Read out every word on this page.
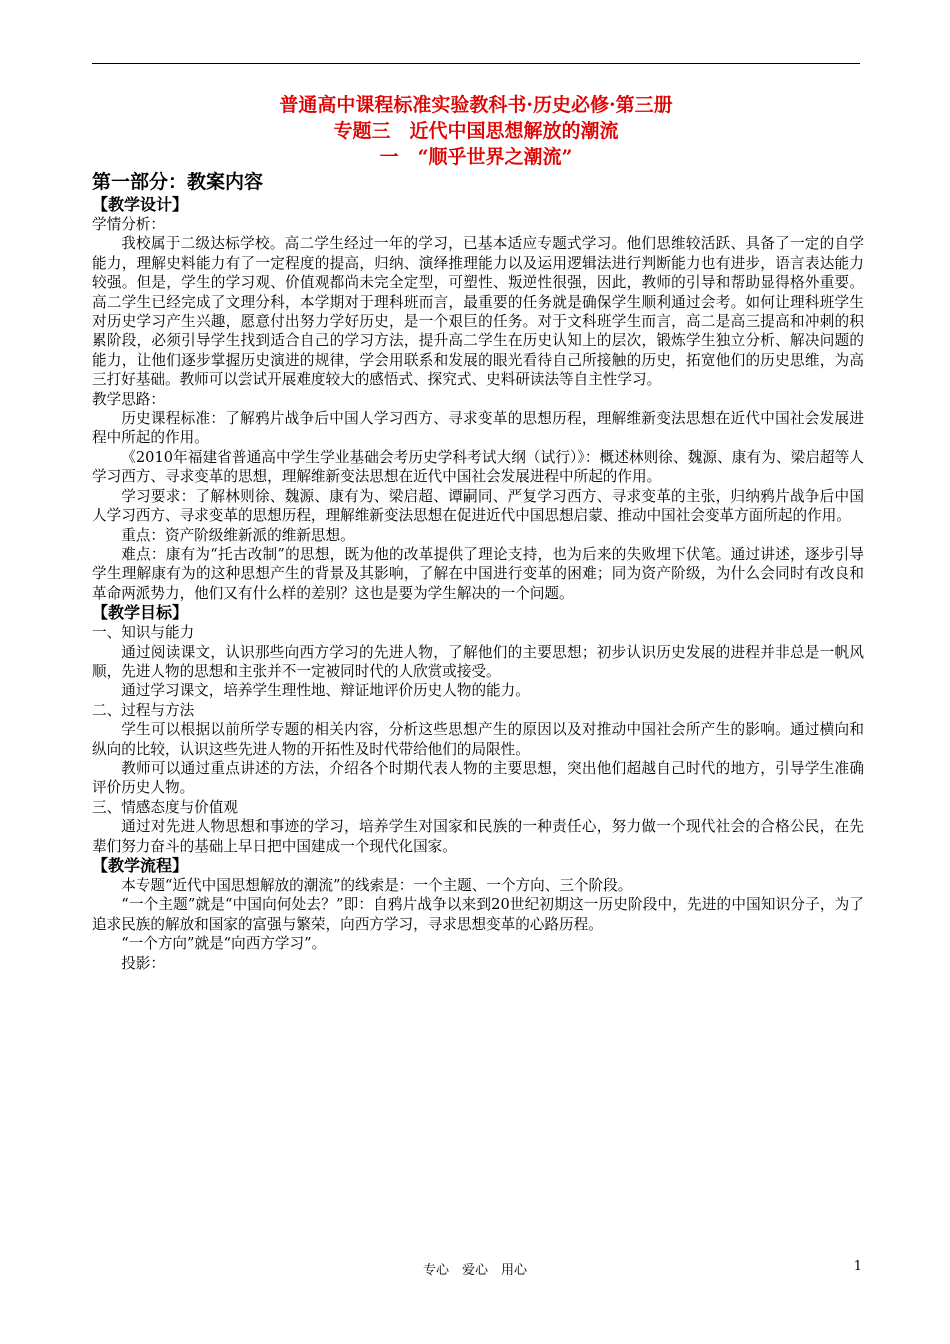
普通高中课程标准实验教科书·历史必修·第三册
专题三　近代中国思想解放的潮流
一　“顺乎世界之潮流”
第一部分：教案内容
【教学设计】
学情分析：
我校属于二级达标学校。高二学生经过一年的学习，已基本适应专题式学习。他们思维较活跃、具备了一定的自学能力，理解史料能力有了一定程度的提高，归纳、演绎推理能力以及运用逻辑法进行判断能力也有进步，语言表达能力较强。但是，学生的学习观、价值观都尚未完全定型，可塑性、叛逆性很强，因此，教师的引导和帮助显得格外重要。高二学生已经完成了文理分科，本学期对于理科班而言，最重要的任务就是确保学生顺利通过会考。如何让理科班学生对历史学习产生兴趣，愿意付出努力学好历史，是一个艰巨的任务。对于文科班学生而言，高二是高三提高和冲刺的积累阶段，必须引导学生找到适合自己的学习方法，提升高二学生在历史认知上的层次，锻炼学生独立分析、解决问题的能力，让他们逐步掌握历史演进的规律，学会用联系和发展的眼光看待自己所接触的历史，拓宽他们的历史思维，为高三打好基础。教师可以尝试开展难度较大的感悟式、探究式、史料研读法等自主性学习。
教学思路：
历史课程标准：了解鸦片战争后中国人学习西方、寻求变革的思想历程，理解维新变法思想在近代中国社会发展进程中所起的作用。
《2010年福建省普通高中学生学业基础会考历史学科考试大纲（试行）》：概述林则徐、魏源、康有为、梁启超等人学习西方、寻求变革的思想，理解维新变法思想在近代中国社会发展进程中所起的作用。
学习要求：了解林则徐、魏源、康有为、梁启超、谭嗣同、严复学习西方、寻求变革的主张，归纳鸦片战争后中国人学习西方、寻求变革的思想历程，理解维新变法思想在促进近代中国思想启蒙、推动中国社会变革方面所起的作用。
重点：资产阶级维新派的维新思想。
难点：康有为“托古改制”的思想，既为他的改革提供了理论支持，也为后来的失败埋下伏笔。通过讲述，逐步引导学生理解康有为的这种思想产生的背景及其影响，了解在中国进行变革的困难；同为资产阶级，为什么会同时有改良和革命两派势力，他们又有什么样的差别？这也是要为学生解决的一个问题。
【教学目标】
一、知识与能力
通过阅读课文，认识那些向西方学习的先进人物，了解他们的主要思想；初步认识历史发展的进程并非总是一帆风顺，先进人物的思想和主张并不一定被同时代的人欣赏或接受。
通过学习课文，培养学生理性地、辩证地评价历史人物的能力。
二、过程与方法
学生可以根据以前所学专题的相关内容，分析这些思想产生的原因以及对推动中国社会所产生的影响。通过横向和纵向的比较，认识这些先进人物的开拓性及时代带给他们的局限性。
教师可以通过重点讲述的方法，介绍各个时期代表人物的主要思想，突出他们超越自己时代的地方，引导学生准确评价历史人物。
三、情感态度与价值观
通过对先进人物思想和事迹的学习，培养学生对国家和民族的一种责任心，努力做一个现代社会的合格公民，在先辈们努力奋斗的基础上早日把中国建成一个现代化国家。
【教学流程】
本专题“近代中国思想解放的潮流”的线索是：一个主题、一个方向、三个阶段。
“一个主题”就是“中国向何处去？”即：自鸦片战争以来到20世纪初期这一历史阶段中，先进的中国知识分子，为了追求民族的解放和国家的富强与繁荣，向西方学习，寻求思想变革的心路历程。
“一个方向”就是“向西方学习”。
投影：
专心　爱心　用心	1
